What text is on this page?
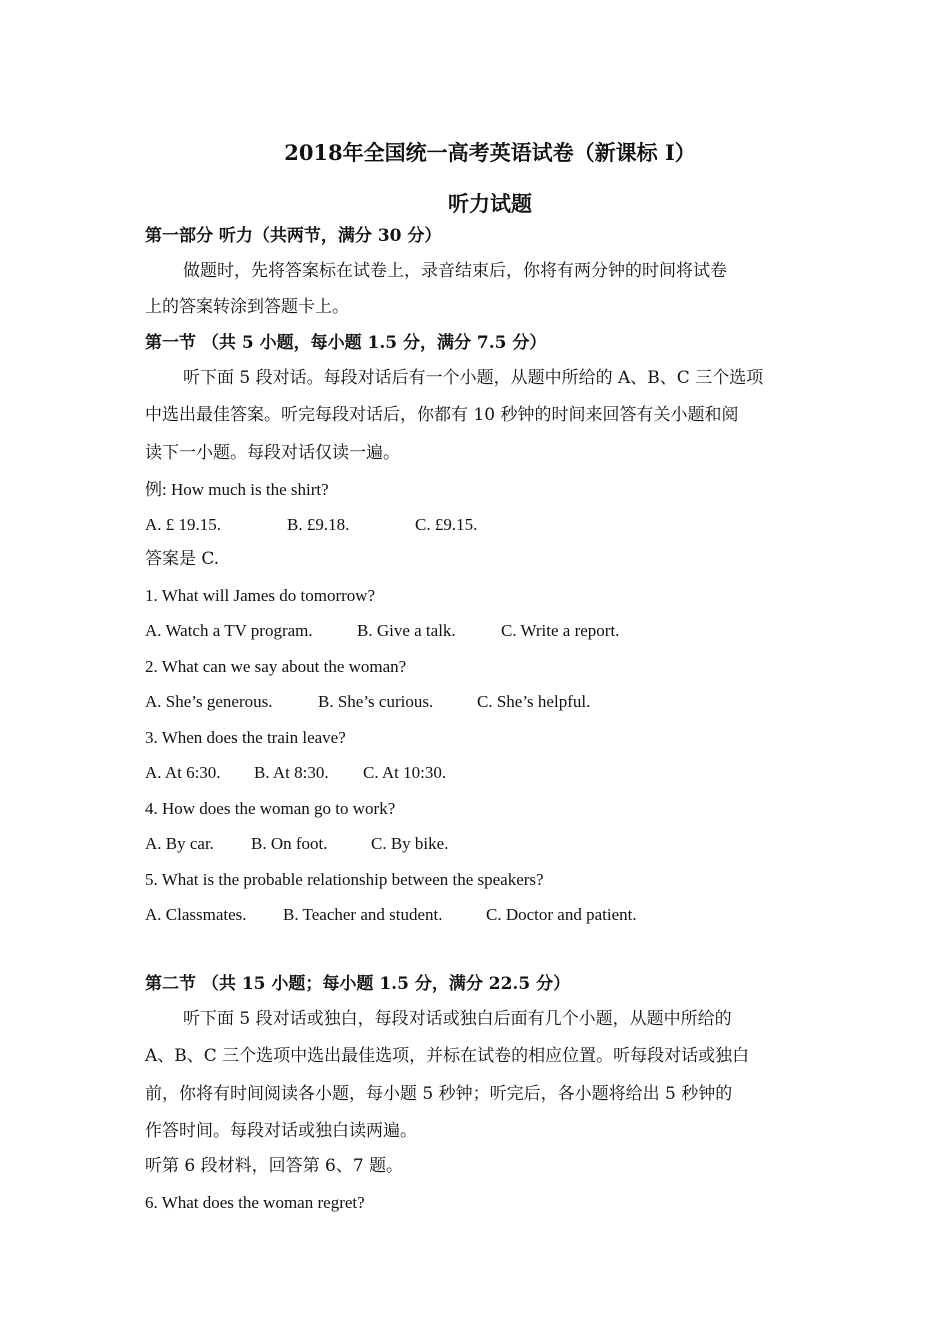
2018年全国统一高考英语试卷（新课标 I）
听力试题
第一部分 听力（共两节，满分 30 分）
做题时，先将答案标在试卷上，录音结束后，你将有两分钟的时间将试卷
上的答案转涂到答题卡上。
第一节 （共 5 小题，每小题 1.5 分，满分 7.5 分）
听下面 5 段对话。每段对话后有一个小题，从题中所给的 A、B、C 三个选项
中选出最佳答案。听完每段对话后，你都有 10 秒钟的时间来回答有关小题和阅
读下一小题。每段对话仅读一遍。
例: How much is the shirt?
A. £ 19.15.	B. £9.18.	C. £9.15.
答案是 C.
1. What will James do tomorrow?
A. Watch a TV program.	B. Give a talk.	C. Write a report.
2. What can we say about the woman?
A. She’s generous.	B. She’s curious.	C. She’s helpful.
3. When does the train leave?
A. At 6:30. B. At 8:30. C. At 10:30.
4. How does the woman go to work?
A. By car. B. On foot.	C. By bike.
5. What is the probable relationship between the speakers?
A. Classmates. B. Teacher and student.	C. Doctor and patient.
第二节 （共 15 小题；每小题 1.5 分，满分 22.5 分）
听下面 5 段对话或独白，每段对话或独白后面有几个小题，从题中所给的
A、B、C 三个选项中选出最佳选项，并标在试卷的相应位置。听每段对话或独白
前，你将有时间阅读各小题，每小题 5 秒钟；听完后，各小题将给出 5 秒钟的
作答时间。每段对话或独白读两遍。
听第 6 段材料，回答第 6、7 题。
6. What does the woman regret?
